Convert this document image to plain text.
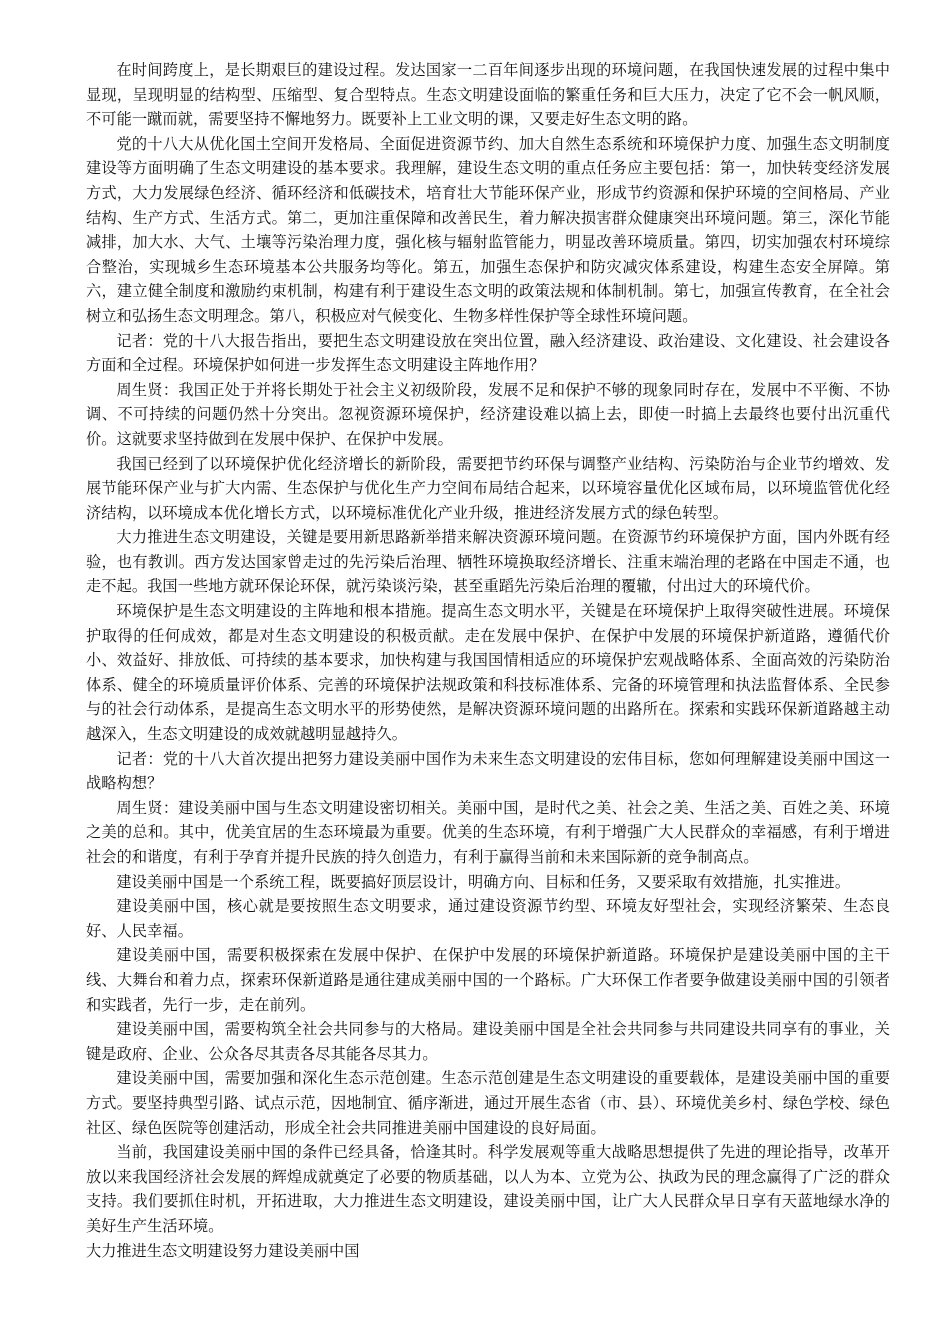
在时间跨度上，是长期艰巨的建设过程。发达国家一二百年间逐步出现的环境问题，在我国快速发展的过程中集中显现，呈现明显的结构型、压缩型、复合型特点。生态文明建设面临的繁重任务和巨大压力，决定了它不会一帆风顺，不可能一蹴而就，需要坚持不懈地努力。既要补上工业文明的课，又要走好生态文明的路。

党的十八大从优化国土空间开发格局、全面促进资源节约、加大自然生态系统和环境保护力度、加强生态文明制度建设等方面明确了生态文明建设的基本要求。我理解，建设生态文明的重点任务应主要包括：第一，加快转变经济发展方式，大力发展绿色经济、循环经济和低碳技术，培育壮大节能环保产业，形成节约资源和保护环境的空间格局、产业结构、生产方式、生活方式。第二，更加注重保障和改善民生，着力解决损害群众健康突出环境问题。第三，深化节能减排，加大水、大气、土壤等污染治理力度，强化核与辐射监管能力，明显改善环境质量。第四，切实加强农村环境综合整治，实现城乡生态环境基本公共服务均等化。第五，加强生态保护和防灾减灾体系建设，构建生态安全屏障。第六，建立健全制度和激励约束机制，构建有利于建设生态文明的政策法规和体制机制。第七，加强宣传教育，在全社会树立和弘扬生态文明理念。第八，积极应对气候变化、生物多样性保护等全球性环境问题。

记者：党的十八大报告指出，要把生态文明建设放在突出位置，融入经济建设、政治建设、文化建设、社会建设各方面和全过程。环境保护如何进一步发挥生态文明建设主阵地作用？

周生贤：我国正处于并将长期处于社会主义初级阶段，发展不足和保护不够的现象同时存在，发展中不平衡、不协调、不可持续的问题仍然十分突出。忽视资源环境保护，经济建设难以搞上去，即使一时搞上去最终也要付出沉重代价。这就要求坚持做到在发展中保护、在保护中发展。

我国已经到了以环境保护优化经济增长的新阶段，需要把节约环保与调整产业结构、污染防治与企业节约增效、发展节能环保产业与扩大内需、生态保护与优化生产力空间布局结合起来，以环境容量优化区域布局，以环境监管优化经济结构，以环境成本优化增长方式，以环境标准优化产业升级，推进经济发展方式的绿色转型。

大力推进生态文明建设，关键是要用新思路新举措来解决资源环境问题。在资源节约环境保护方面，国内外既有经验，也有教训。西方发达国家曾走过的先污染后治理、牺牲环境换取经济增长、注重末端治理的老路在中国走不通，也走不起。我国一些地方就环保论环保，就污染谈污染，甚至重蹈先污染后治理的覆辙，付出过大的环境代价。

环境保护是生态文明建设的主阵地和根本措施。提高生态文明水平，关键是在环境保护上取得突破性进展。环境保护取得的任何成效，都是对生态文明建设的积极贡献。走在发展中保护、在保护中发展的环境保护新道路，遵循代价小、效益好、排放低、可持续的基本要求，加快构建与我国国情相适应的环境保护宏观战略体系、全面高效的污染防治体系、健全的环境质量评价体系、完善的环境保护法规政策和科技标准体系、完备的环境管理和执法监督体系、全民参与的社会行动体系，是提高生态文明水平的形势使然，是解决资源环境问题的出路所在。探索和实践环保新道路越主动越深入，生态文明建设的成效就越明显越持久。

记者：党的十八大首次提出把努力建设美丽中国作为未来生态文明建设的宏伟目标，您如何理解建设美丽中国这一战略构想？

周生贤：建设美丽中国与生态文明建设密切相关。美丽中国，是时代之美、社会之美、生活之美、百姓之美、环境之美的总和。其中，优美宜居的生态环境最为重要。优美的生态环境，有利于增强广大人民群众的幸福感，有利于增进社会的和谐度，有利于孕育并提升民族的持久创造力，有利于赢得当前和未来国际新的竞争制高点。

建设美丽中国是一个系统工程，既要搞好顶层设计，明确方向、目标和任务，又要采取有效措施，扎实推进。

建设美丽中国，核心就是要按照生态文明要求，通过建设资源节约型、环境友好型社会，实现经济繁荣、生态良好、人民幸福。

建设美丽中国，需要积极探索在发展中保护、在保护中发展的环境保护新道路。环境保护是建设美丽中国的主干线、大舞台和着力点，探索环保新道路是通往建成美丽中国的一个路标。广大环保工作者要争做建设美丽中国的引领者和实践者，先行一步，走在前列。

建设美丽中国，需要构筑全社会共同参与的大格局。建设美丽中国是全社会共同参与共同建设共同享有的事业，关键是政府、企业、公众各尽其责各尽其能各尽其力。

建设美丽中国，需要加强和深化生态示范创建。生态示范创建是生态文明建设的重要载体，是建设美丽中国的重要方式。要坚持典型引路、试点示范，因地制宜、循序渐进，通过开展生态省（市、县）、环境优美乡村、绿色学校、绿色社区、绿色医院等创建活动，形成全社会共同推进美丽中国建设的良好局面。

当前，我国建设美丽中国的条件已经具备，恰逢其时。科学发展观等重大战略思想提供了先进的理论指导，改革开放以来我国经济社会发展的辉煌成就奠定了必要的物质基础，以人为本、立党为公、执政为民的理念赢得了广泛的群众支持。我们要抓住时机，开拓进取，大力推进生态文明建设，建设美丽中国，让广大人民群众早日享有天蓝地绿水净的美好生产生活环境。

大力推进生态文明建设努力建设美丽中国
